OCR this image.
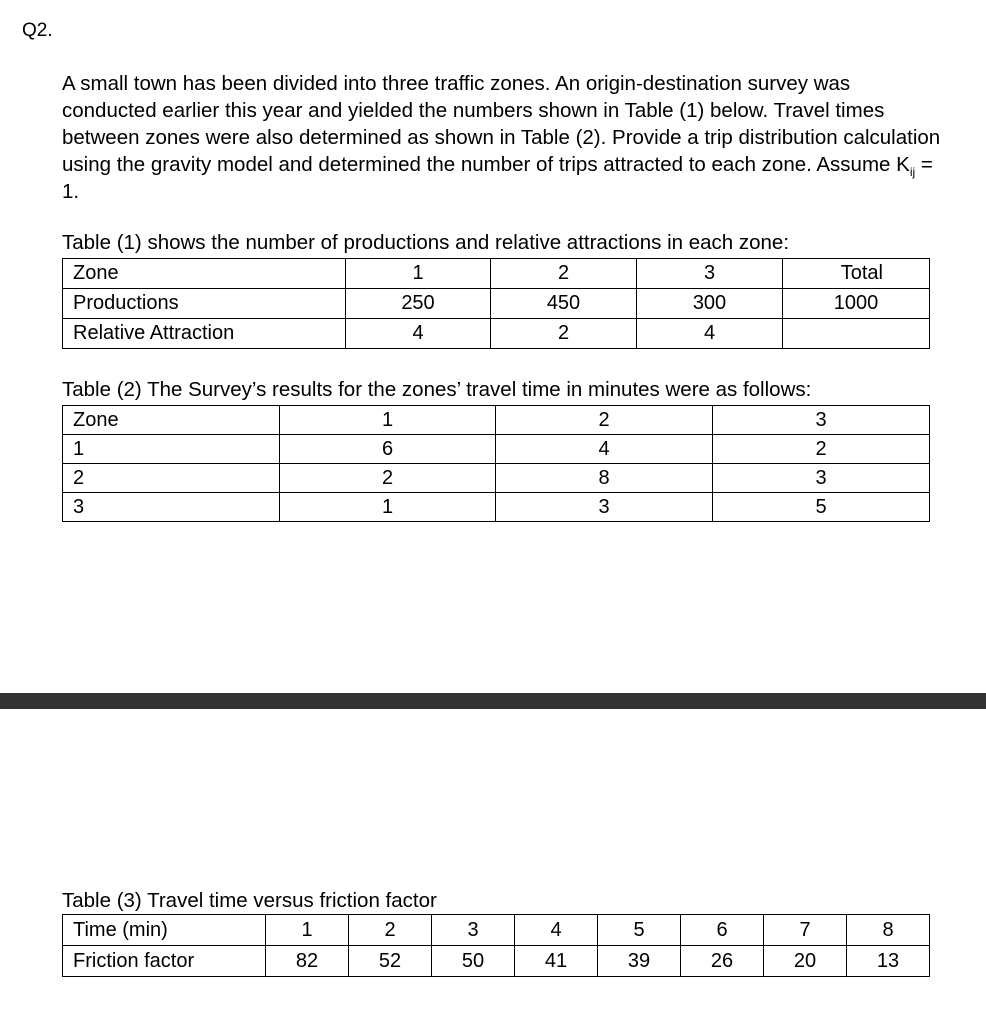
Q2.

A small town has been divided into three traffic zones. An origin-destination survey was conducted earlier this year and yielded the numbers shown in Table (1) below. Travel times between zones were also determined as shown in Table (2). Provide a trip distribution calculation using the gravity model and determined the number of trips attracted to each zone. Assume $K_{ij} = 1$.

Table (1) shows the number of productions and relative attractions in each zone:
Zone	1	2	3	Total
Productions	250	450	300	1000
Relative Attraction	4	2	4	
Table (2) The Survey’s results for the zones’ travel time in minutes were as follows:
Zone	1	2	3
1	6	4	2
2	2	8	3
3	1	3	5
Table (3) Travel time versus friction factor
Time (min)	1	2	3	4	5	6	7	8
Friction factor	82	52	50	41	39	26	20	13
